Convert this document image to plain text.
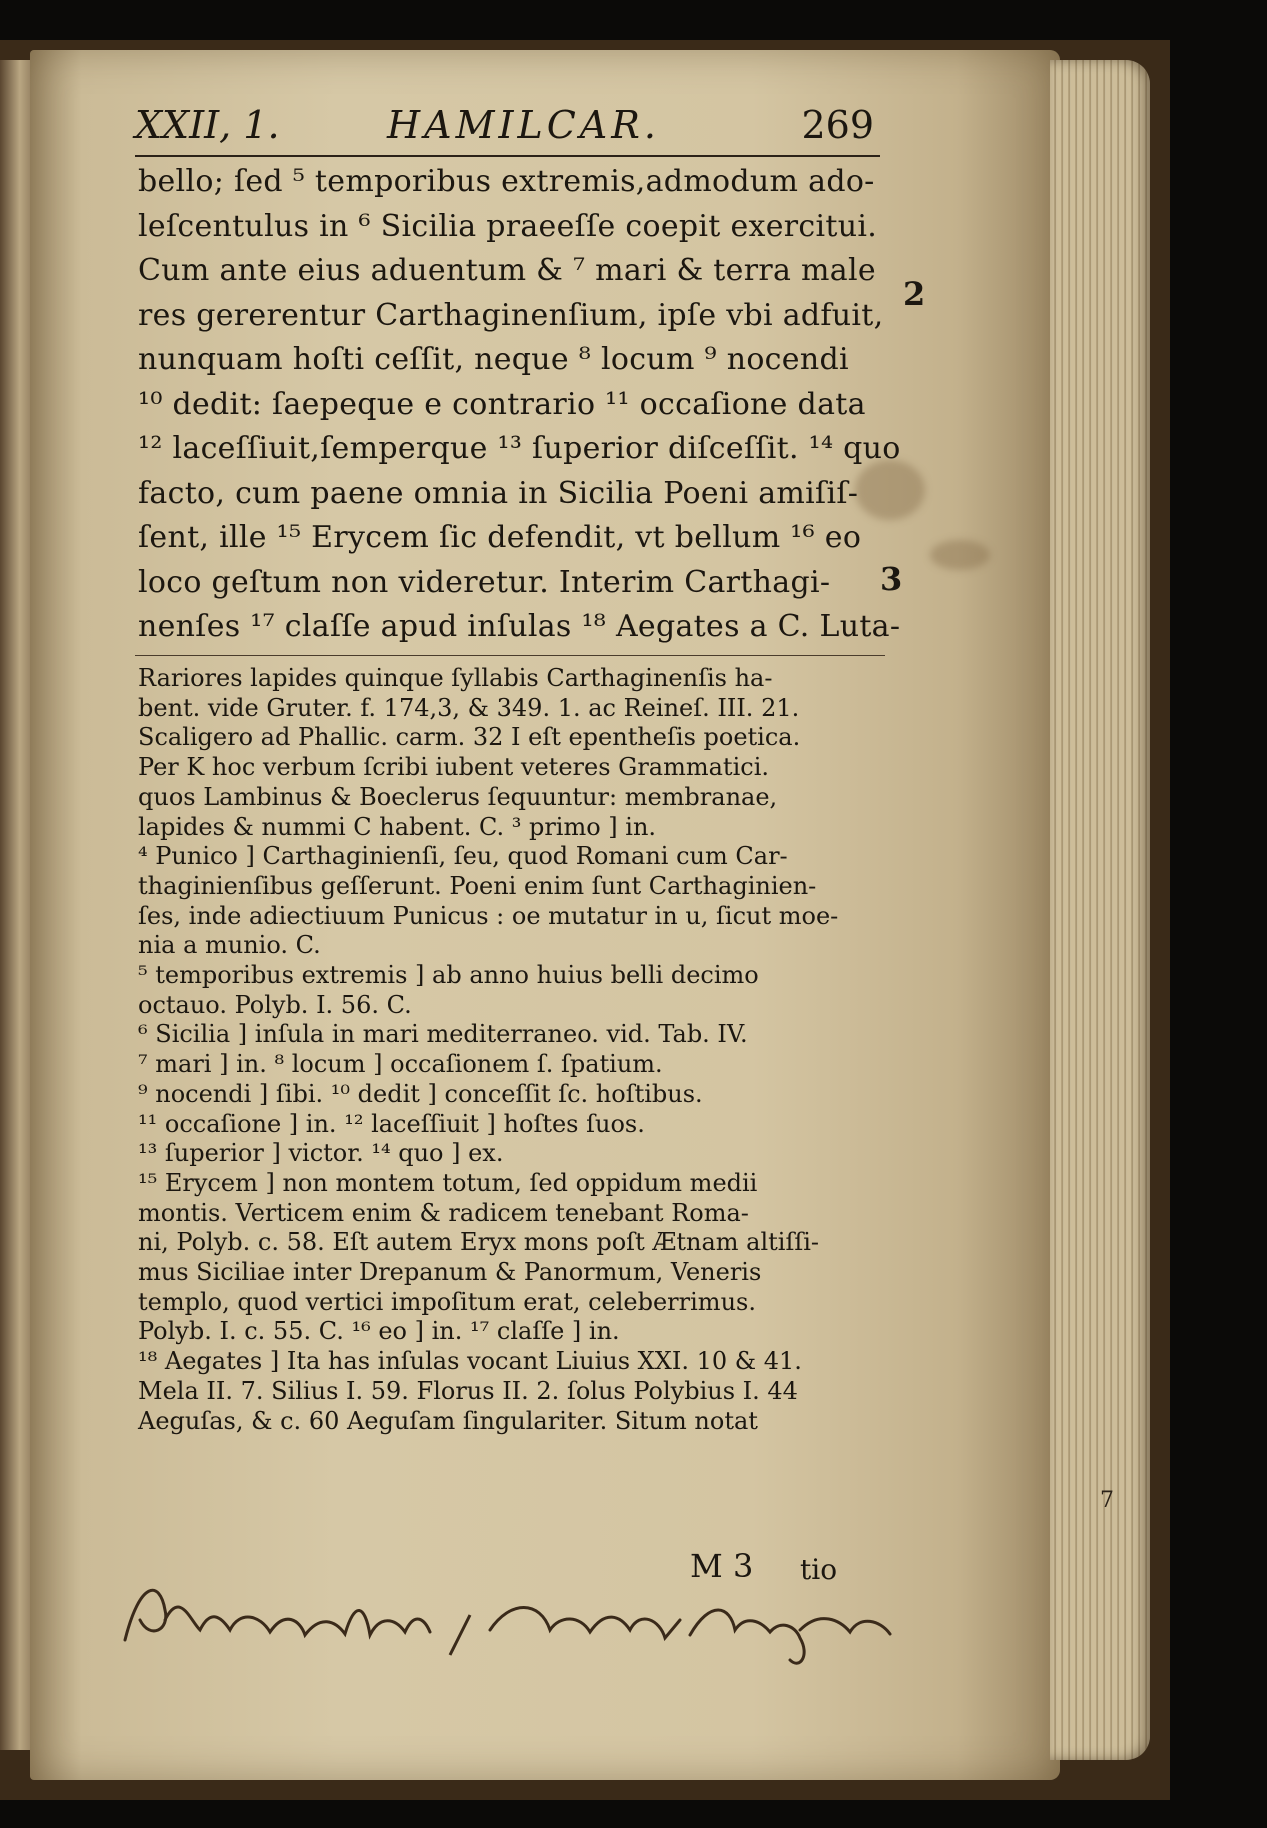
XXII, 1.	HAMILCAR.	269
bello; ſed ⁵ temporibus extremis,admodum ado-
leſcentulus in ⁶ Sicilia praeeſſe coepit exercitui.
Cum ante eius aduentum & ⁷ mari & terra male
res gererentur Carthaginenſium, ipſe vbi adfuit,
nunquam hoſti ceſſit, neque ⁸ locum ⁹ nocendi
¹⁰ dedit: ſaepeque e contrario ¹¹ occaſione data
¹² laceſſiuit,ſemperque ¹³ ſuperior diſceſſit. ¹⁴ quo
facto, cum paene omnia in Sicilia Poeni amiſiſ-
ſent, ille ¹⁵ Erycem ſic defendit, vt bellum ¹⁶ eo
loco geſtum non videretur. Interim Carthagi-
nenſes ¹⁷ claſſe apud inſulas ¹⁸ Aegates a C. Luta-
2
3
Rariores lapides quinque ſyllabis Carthaginenſis ha-
bent. vide Gruter. f. 174,3, & 349. 1. ac Reineſ. III. 21.
Scaligero ad Phallic. carm. 32 I eſt epentheſis poetica.
Per K hoc verbum ſcribi iubent veteres Grammatici.
quos Lambinus & Boeclerus ſequuntur: membranae,
lapides & nummi C habent. C. ³ primo ] in.
⁴ Punico ] Carthaginienſi, ſeu, quod Romani cum Car-
thaginienſibus geſſerunt. Poeni enim ſunt Carthaginien-
ſes, inde adiectiuum Punicus : oe mutatur in u, ſicut moe-
nia a munio. C.
⁵ temporibus extremis ] ab anno huius belli decimo
octauo. Polyb. I. 56. C.
⁶ Sicilia ] inſula in mari mediterraneo. vid. Tab. IV.
⁷ mari ] in. ⁸ locum ] occaſionem ſ. ſpatium.
⁹ nocendi ] ſibi. ¹⁰ dedit ] conceſſit ſc. hoſtibus.
¹¹ occaſione ] in. ¹² laceſſiuit ] hoſtes ſuos.
¹³ ſuperior ] victor. ¹⁴ quo ] ex.
¹⁵ Erycem ] non montem totum, ſed oppidum medii
montis. Verticem enim & radicem tenebant Roma-
ni, Polyb. c. 58. Eſt autem Eryx mons poſt Ætnam altiſſi-
mus Siciliae inter Drepanum & Panormum, Veneris
templo, quod vertici impoſitum erat, celeberrimus.
Polyb. I. c. 55. C. ¹⁶ eo ] in. ¹⁷ claſſe ] in.
¹⁸ Aegates ] Ita has inſulas vocant Liuius XXI. 10 & 41.
Mela II. 7. Silius I. 59. Florus II. 2. ſolus Polybius I. 44
Aeguſas, & c. 60 Aeguſam ſingulariter. Situm notat
M 3 tio
7
